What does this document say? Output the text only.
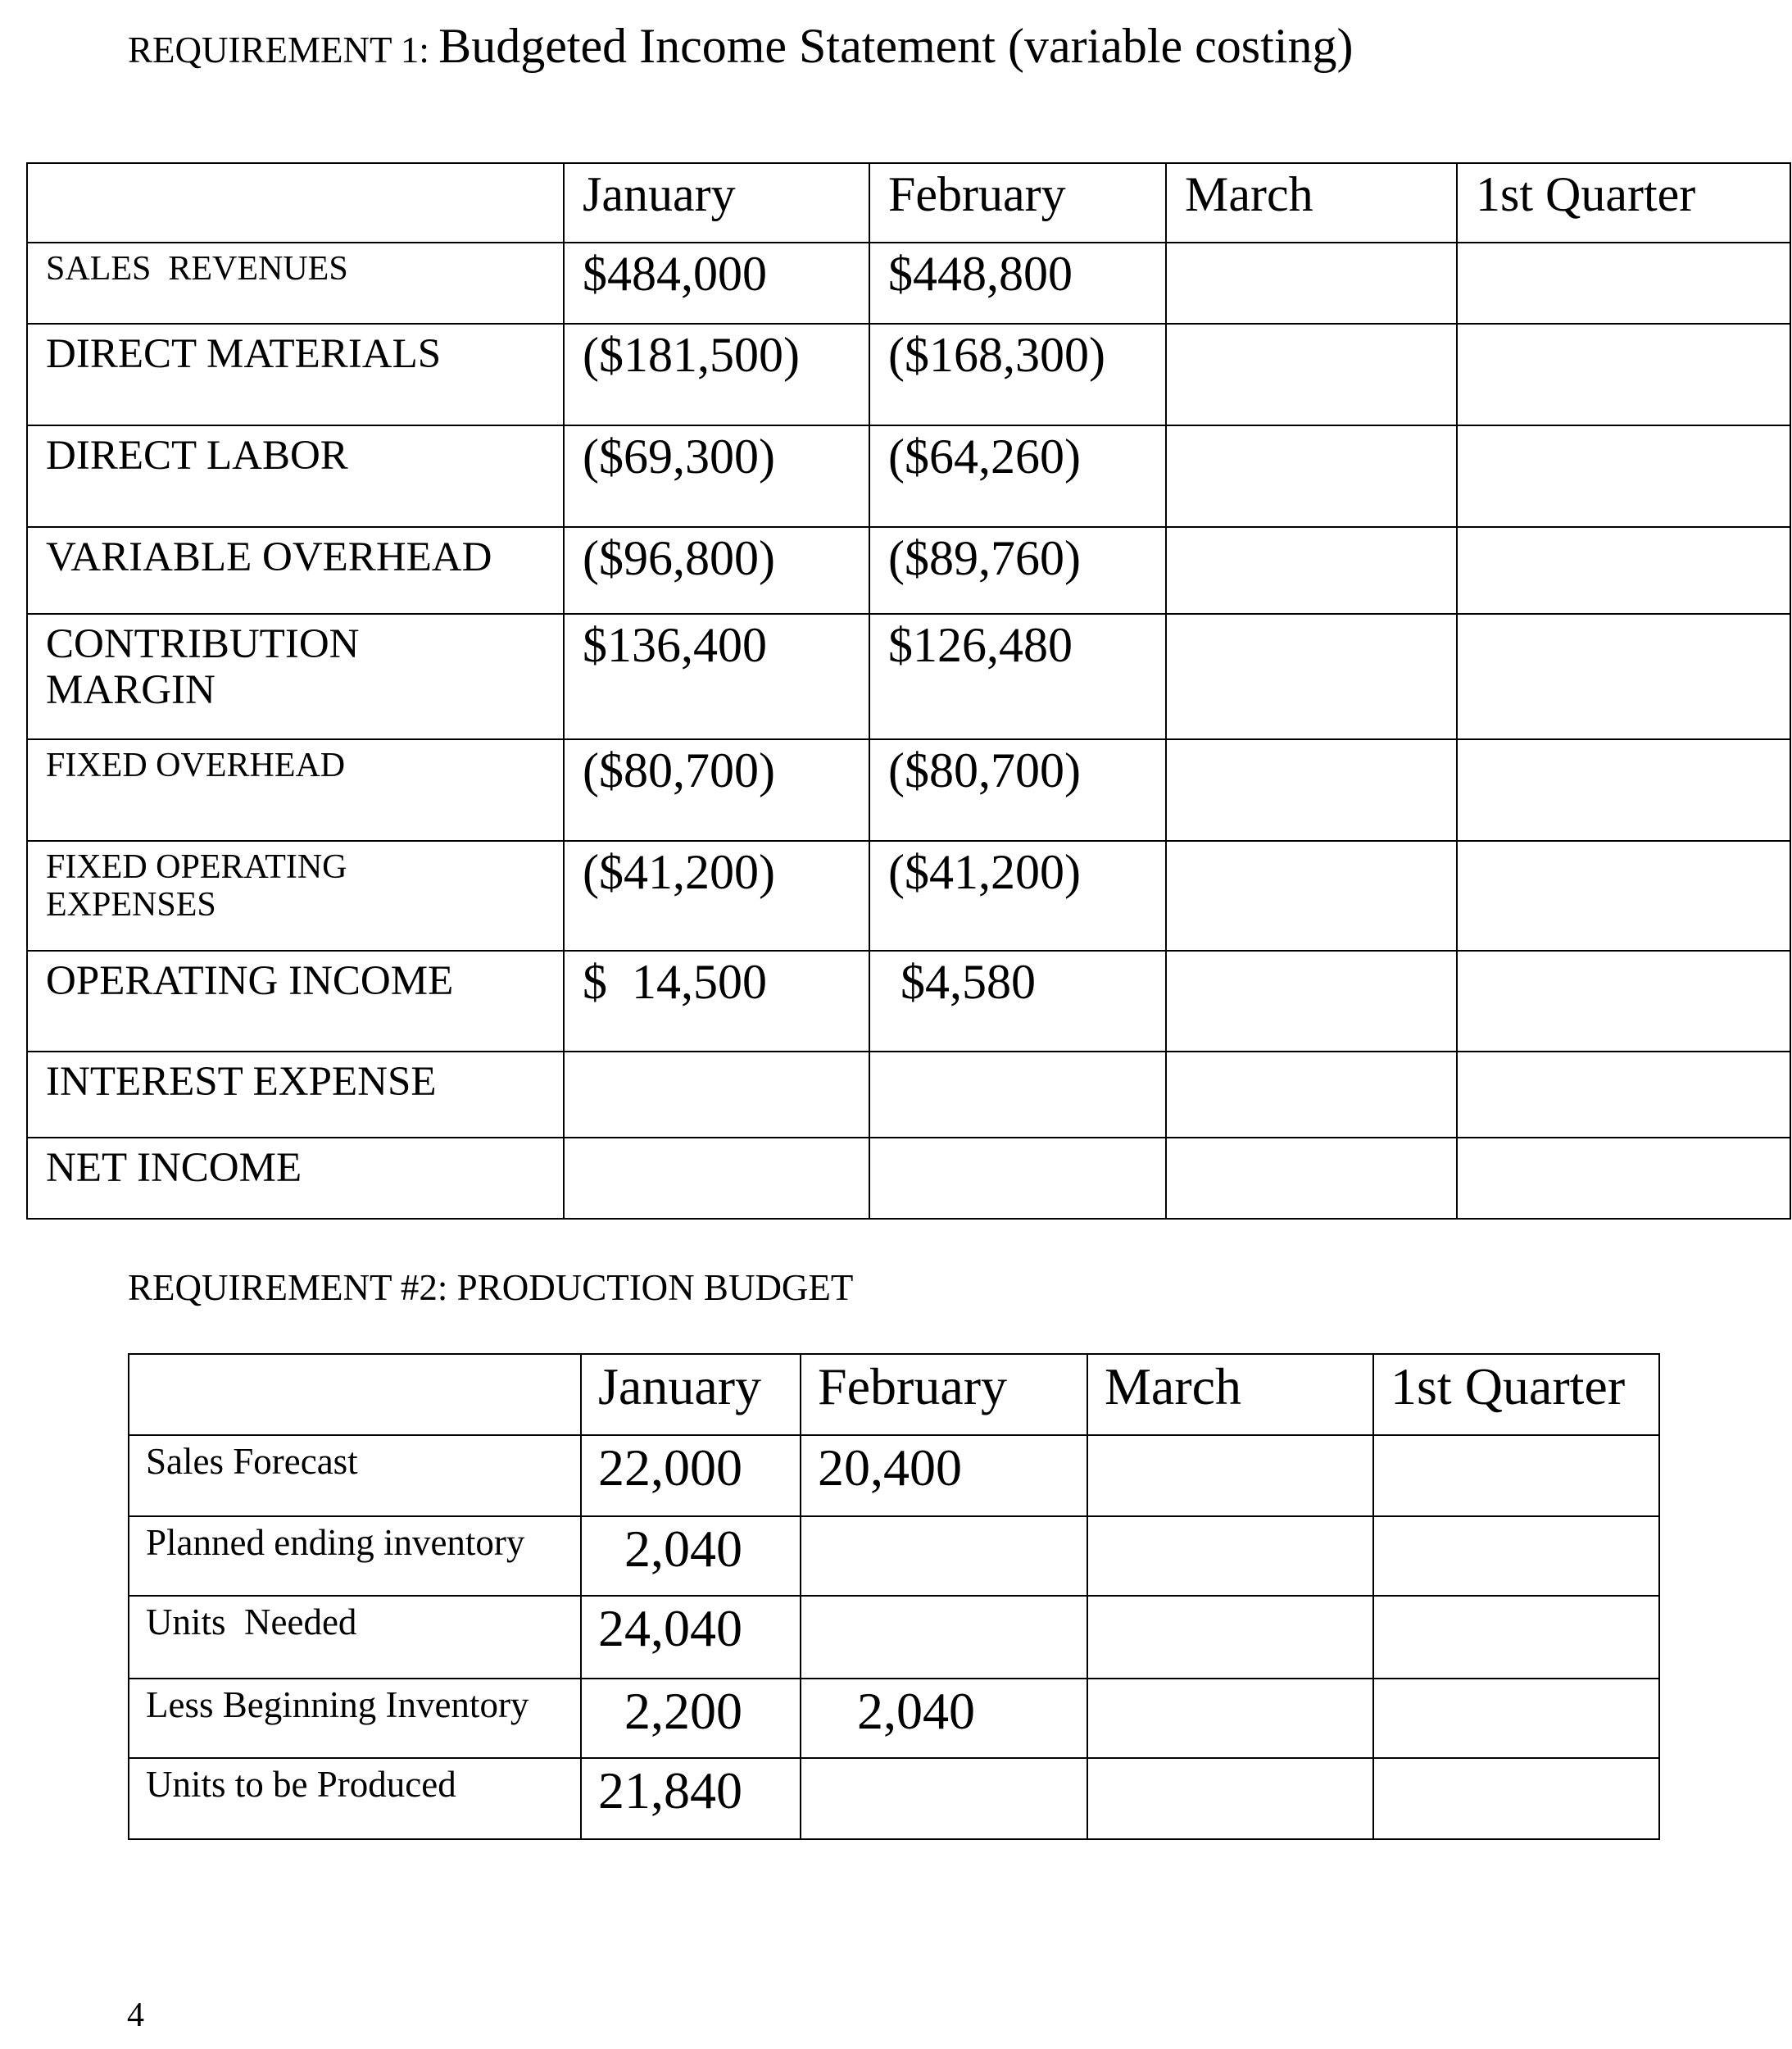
REQUIREMENT 1: Budgeted Income Statement (variable costing)
	January	February	March	1st Quarter
SALES  REVENUES	$484,000	$448,800		
DIRECT MATERIALS	($181,500)	($168,300)		
DIRECT LABOR	($69,300)	($64,260)		
VARIABLE OVERHEAD	($96,800)	($89,760)		
CONTRIBUTION
MARGIN	$136,400	$126,480		
FIXED OVERHEAD	($80,700)	($80,700)		
FIXED OPERATING
EXPENSES	($41,200)	($41,200)		
OPERATING INCOME	$  14,500	$4,580		
INTEREST EXPENSE				
NET INCOME				
REQUIREMENT #2: PRODUCTION BUDGET
	January	February	March	1st Quarter
Sales Forecast	22,000	20,400		
Planned ending inventory	2,040			
Units  Needed	24,040			
Less Beginning Inventory	2,200	2,040		
Units to be Produced	21,840			
4
